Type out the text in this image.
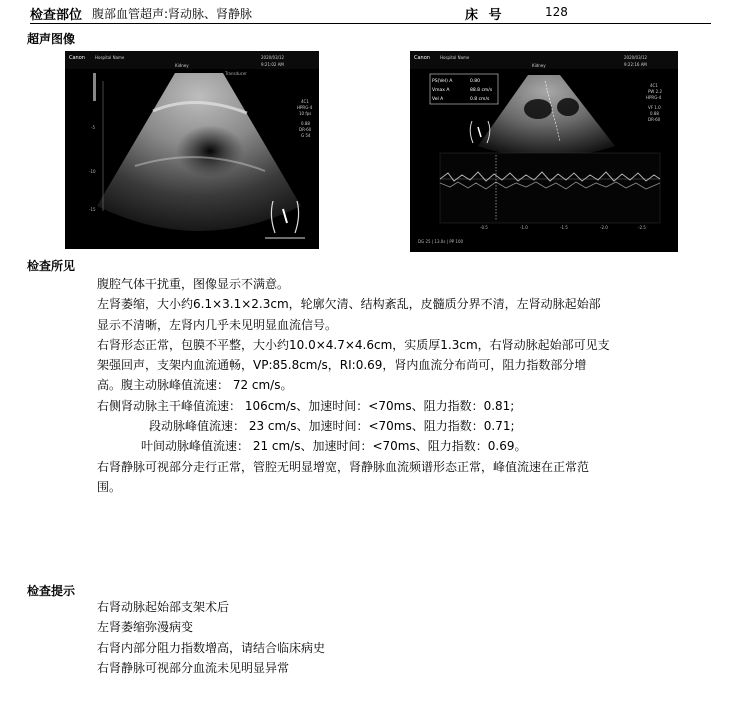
检查部位 腹部血管超声:肾动脉、肾静脉	床 号	128
超声图像
Canon	Hospital Name
Kidney
2020/03/12
9:21:02 AM
Transducer
-5
-10
-15
4C1
HPRG-4
10 fps
0.88
DR-60
G 54
Canon	Hospital Name
Kidney
2020/03/12
9:22:16 AM
PS(Vel) A	0.80
Vmax A	88.8 cm/s
Vel A	0.8 cm/s
4C1
PW 2.2
HPRG-4
VF 1.0
0.88
DR-60
-0.5	-1.0	-1.5	-2.0	-2.5
DG 25 | 13.0s | PP 100
检查所见

腹腔气体干扰重，图像显示不满意。

左肾萎缩，大小约6.1×3.1×2.3cm，轮廓欠清、结构紊乱，皮髓质分界不清，左肾动脉起始部

显示不清晰，左肾内几乎未见明显血流信号。

右肾形态正常，包膜不平整，大小约10.0×4.7×4.6cm，实质厚1.3cm，右肾动脉起始部可见支

架强回声，支架内血流通畅，VP:85.8cm/s，RI:0.69，肾内血流分布尚可，阻力指数部分增

高。腹主动脉峰值流速： 72 cm/s。

右侧肾动脉主干峰值流速： 106cm/s、加速时间：<70ms、阻力指数：0.81;

段动脉峰值流速： 23 cm/s、加速时间：<70ms、阻力指数：0.71;

叶间动脉峰值流速： 21 cm/s、加速时间：<70ms、阻力指数：0.69。

右肾静脉可视部分走行正常，管腔无明显增宽，肾静脉血流频谱形态正常，峰值流速在正常范

围。

检查提示

右肾动脉起始部支架术后

左肾萎缩弥漫病变

右肾内部分阻力指数增高，请结合临床病史

右肾静脉可视部分血流未见明显异常
